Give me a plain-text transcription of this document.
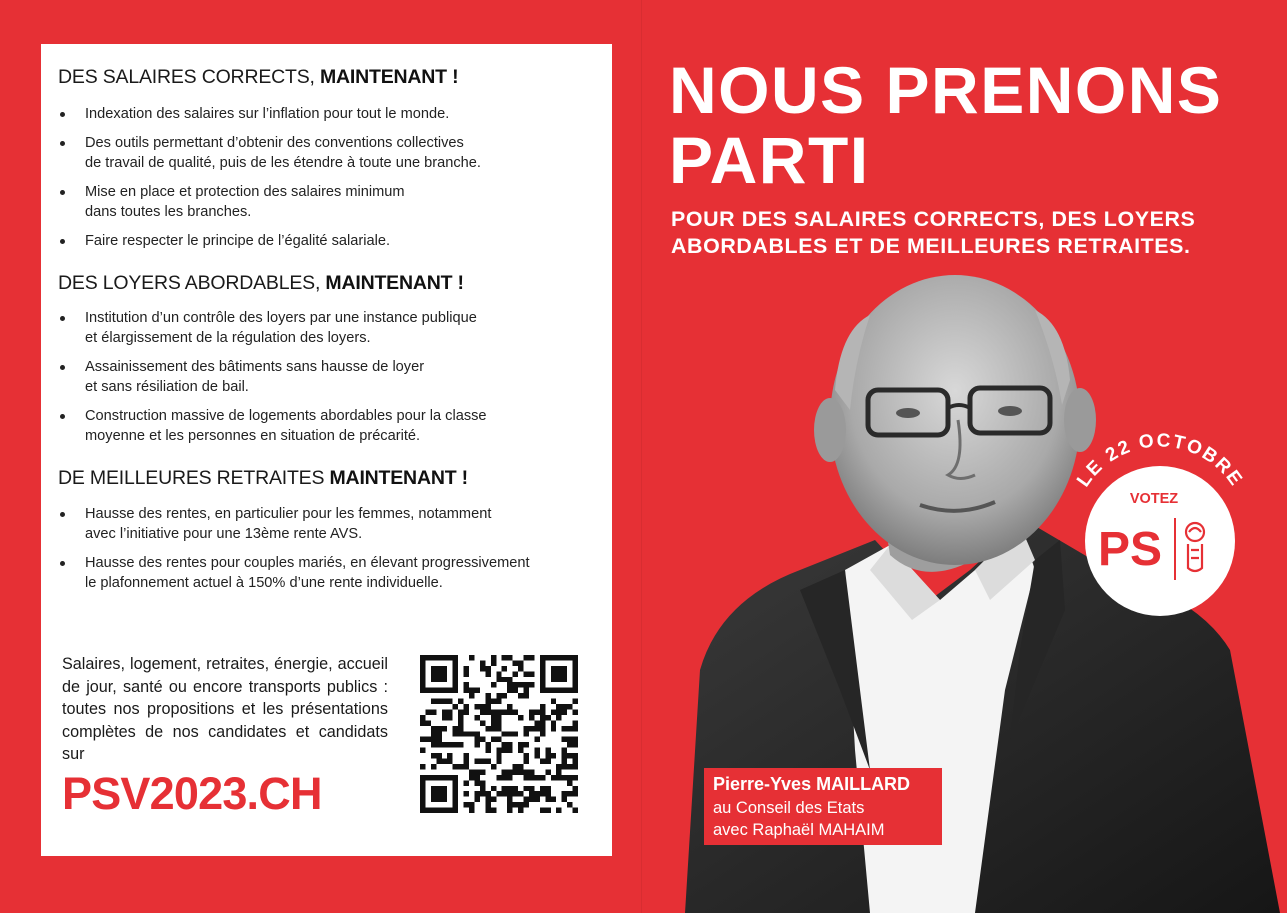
DES SALAIRES CORRECTS, MAINTENANT !
Indexation des salaires sur l’inflation pour tout le monde.
Des outils permettant d’obtenir des conventions collectives
de travail de qualité, puis de les étendre à toute une branche.
Mise en place et protection des salaires minimum
dans toutes les branches.
Faire respecter le principe de l’égalité salariale.
DES LOYERS ABORDABLES, MAINTENANT !
Institution d’un contrôle des loyers par une instance publique
et élargissement de la régulation des loyers.
Assainissement des bâtiments sans hausse de loyer
et sans résiliation de bail.
Construction massive de logements abordables pour la classe
moyenne et les personnes en situation de précarité.
DE MEILLEURES RETRAITES MAINTENANT !
Hausse des rentes, en particulier pour les femmes, notamment
avec l’initiative pour une 13ème rente AVS.
Hausse des rentes pour couples mariés, en élevant progressivement
le plafonnement actuel à 150% d’une rente individuelle.
Salaires, logement, retraites, énergie, accueil de jour, santé ou encore transports publics : toutes nos propositions et les présentations complètes de nos candidates et candidats sur
PSV2023.CH
NOUS PRENONS
PARTI
POUR DES SALAIRES CORRECTS, DES LOYERS
ABORDABLES ET DE MEILLEURES RETRAITES.
LE 22 OCTOBRE
VOTEZ
PS
Pierre-Yves MAILLARD
au Conseil des Etats
avec Raphaël MAHAIM
